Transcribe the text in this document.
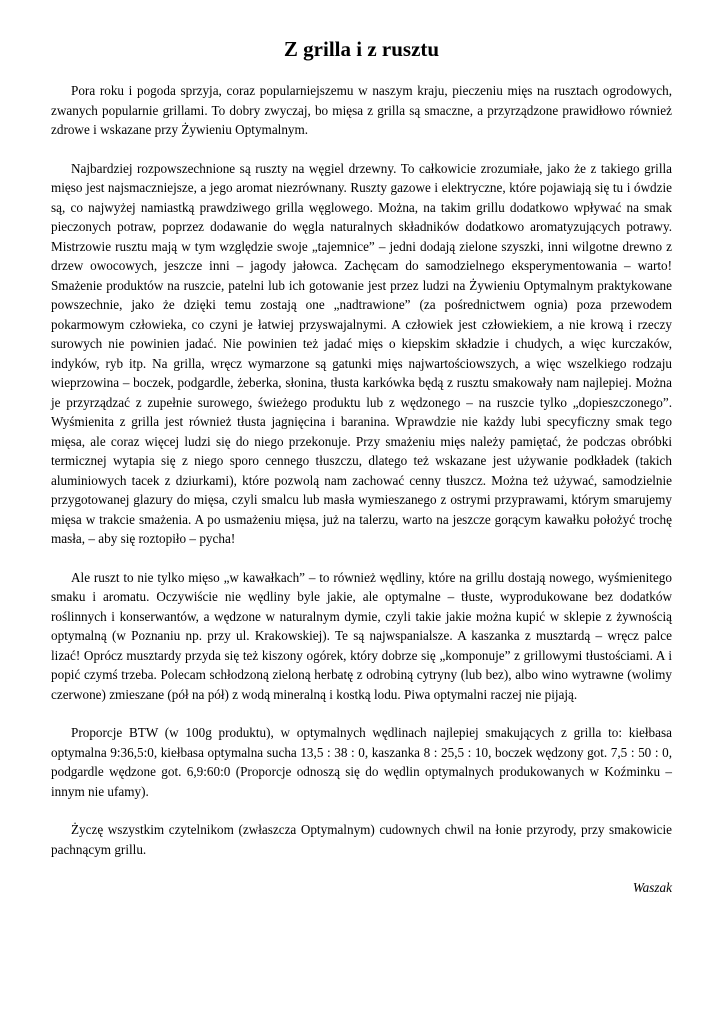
Z grilla i z rusztu

Pora roku i pogoda sprzyja, coraz popularniejszemu w naszym kraju, pieczeniu mięs na rusztach ogrodowych, zwanych popularnie grillami. To dobry zwyczaj, bo mięsa z grilla są smaczne, a przyrządzone prawidłowo również zdrowe i wskazane przy Żywieniu Optymalnym.

Najbardziej rozpowszechnione są ruszty na węgiel drzewny. To całkowicie zrozumiałe, jako że z takiego grilla mięso jest najsmaczniejsze, a jego aromat niezrównany. Ruszty gazowe i elektryczne, które pojawiają się tu i ówdzie są, co najwyżej namiastką prawdziwego grilla węglowego. Można, na takim grillu dodatkowo wpływać na smak pieczonych potraw, poprzez dodawanie do węgla naturalnych składników dodatkowo aromatyzujących potrawy. Mistrzowie rusztu mają w tym względzie swoje „tajemnice” – jedni dodają zielone szyszki, inni wilgotne drewno z drzew owocowych, jeszcze inni – jagody jałowca. Zachęcam do samodzielnego eksperymentowania – warto! Smażenie produktów na ruszcie, patelni lub ich gotowanie jest przez ludzi na Żywieniu Optymalnym praktykowane powszechnie, jako że dzięki temu zostają one „nadtrawione” (za pośrednictwem ognia) poza przewodem pokarmowym człowieka, co czyni je łatwiej przyswajalnymi. A człowiek jest człowiekiem, a nie krową i rzeczy surowych nie powinien jadać. Nie powinien też jadać mięs o kiepskim składzie i chudych, a więc kurczaków, indyków, ryb itp. Na grilla, wręcz wymarzone są gatunki mięs najwartościowszych, a więc wszelkiego rodzaju wieprzowina – boczek, podgardle, żeberka, słonina, tłusta karkówka będą z rusztu smakowały nam najlepiej. Można je przyrządzać z zupełnie surowego, świeżego produktu lub z wędzonego – na ruszcie tylko „dopieszczonego”. Wyśmienita z grilla jest również tłusta jagnięcina i baranina. Wprawdzie nie każdy lubi specyficzny smak tego mięsa, ale coraz więcej ludzi się do niego przekonuje. Przy smażeniu mięs należy pamiętać, że podczas obróbki termicznej wytapia się z niego sporo cennego tłuszczu, dlatego też wskazane jest używanie podkładek (takich aluminiowych tacek z dziurkami), które pozwolą nam zachować cenny tłuszcz. Można też używać, samodzielnie przygotowanej glazury do mięsa, czyli smalcu lub masła wymieszanego z ostrymi przyprawami, którym smarujemy mięsa w trakcie smażenia. A po usmażeniu mięsa, już na talerzu, warto na jeszcze gorącym kawałku położyć trochę masła, – aby się roztopiło – pycha!

Ale ruszt to nie tylko mięso „w kawałkach” – to również wędliny, które na grillu dostają nowego, wyśmienitego smaku i aromatu. Oczywiście nie wędliny byle jakie, ale optymalne – tłuste, wyprodukowane bez dodatków roślinnych i konserwantów, a wędzone w naturalnym dymie, czyli takie jakie można kupić w sklepie z żywnością optymalną (w Poznaniu np. przy ul. Krakowskiej). Te są najwspanialsze. A kaszanka z musztardą – wręcz palce lizać! Oprócz musztardy przyda się też kiszony ogórek, który dobrze się „komponuje” z grillowymi tłustościami. A i popić czymś trzeba. Polecam schłodzoną zieloną herbatę z odrobiną cytryny (lub bez), albo wino wytrawne (wolimy czerwone) zmieszane (pół na pół) z wodą mineralną i kostką lodu. Piwa optymalni raczej nie pijają.

Proporcje BTW (w 100g produktu), w optymalnych wędlinach najlepiej smakujących z grilla to: kiełbasa optymalna 9:36,5:0, kiełbasa optymalna sucha 13,5 : 38 : 0, kaszanka 8 : 25,5 : 10, boczek wędzony got. 7,5 : 50 : 0, podgardle wędzone got. 6,9:60:0 (Proporcje odnoszą się do wędlin optymalnych produkowanych w Koźminku – innym nie ufamy).

Życzę wszystkim czytelnikom (zwłaszcza Optymalnym) cudownych chwil na łonie przyrody, przy smakowicie pachnącym grillu.

Waszak
